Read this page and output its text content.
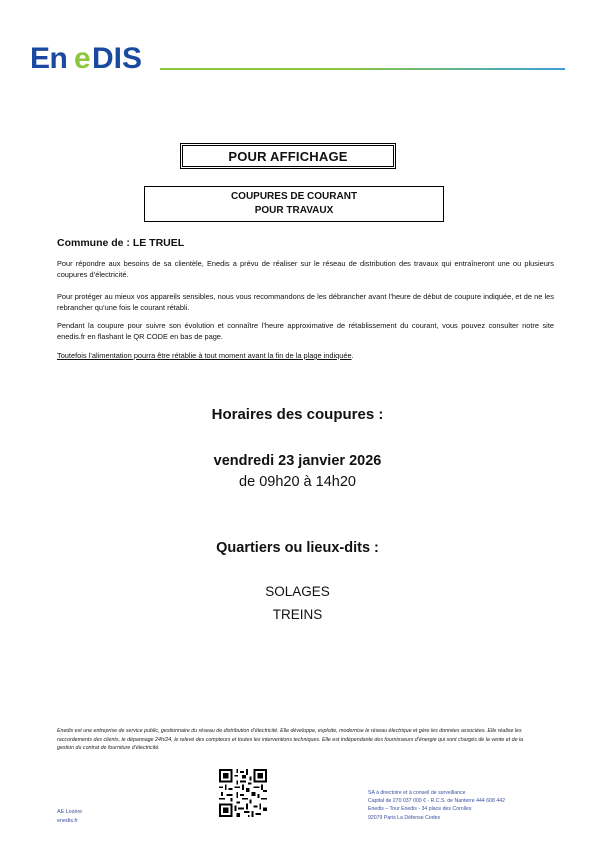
En e DIS
POUR AFFICHAGE
COUPURES DE COURANT
POUR TRAVAUX
Commune de : LE TRUEL
Pour répondre aux besoins de sa clientèle, Enedis a prévu de réaliser sur le réseau de distribution des travaux qui entraîneront une ou plusieurs coupures d’électricité.
Pour protéger au mieux vos appareils sensibles, nous vous recommandons de les débrancher avant l’heure de début de coupure indiquée, et de ne les rebrancher qu’une fois le courant rétabli.
Pendant la coupure pour suivre son évolution et connaître l’heure approximative de rétablissement du courant, vous pouvez consulter notre site enedis.fr en flashant le QR CODE en bas de page.
Toutefois l’alimentation pourra être rétablie à tout moment avant la fin de la plage indiquée.
Horaires des coupures :
vendredi 23 janvier 2026
de 09h20 à 14h20
Quartiers ou lieux-dits :
SOLAGES
TREINS
Enedis est une entreprise de service public, gestionnaire du réseau de distribution d’électricité. Elle développe, exploite, modernise le réseau électrique et gère les données associées. Elle réalise les raccordements des clients, le dépannage 24h/24, le relevé des compteurs et toutes les interventions techniques. Elle est indépendante des fournisseurs d’énergie qui sont chargés de la vente et de la gestion du contrat de fourniture d’électricité.
SA à directoire et à conseil de surveillance
Capital de 270 037 000 € - R.C.S. de Nanterre 444 608 442
Enedis – Tour Enedis - 34 place des Corolles
92079 Paris La Défense Cedex
AE Lozère
enedis.fr
